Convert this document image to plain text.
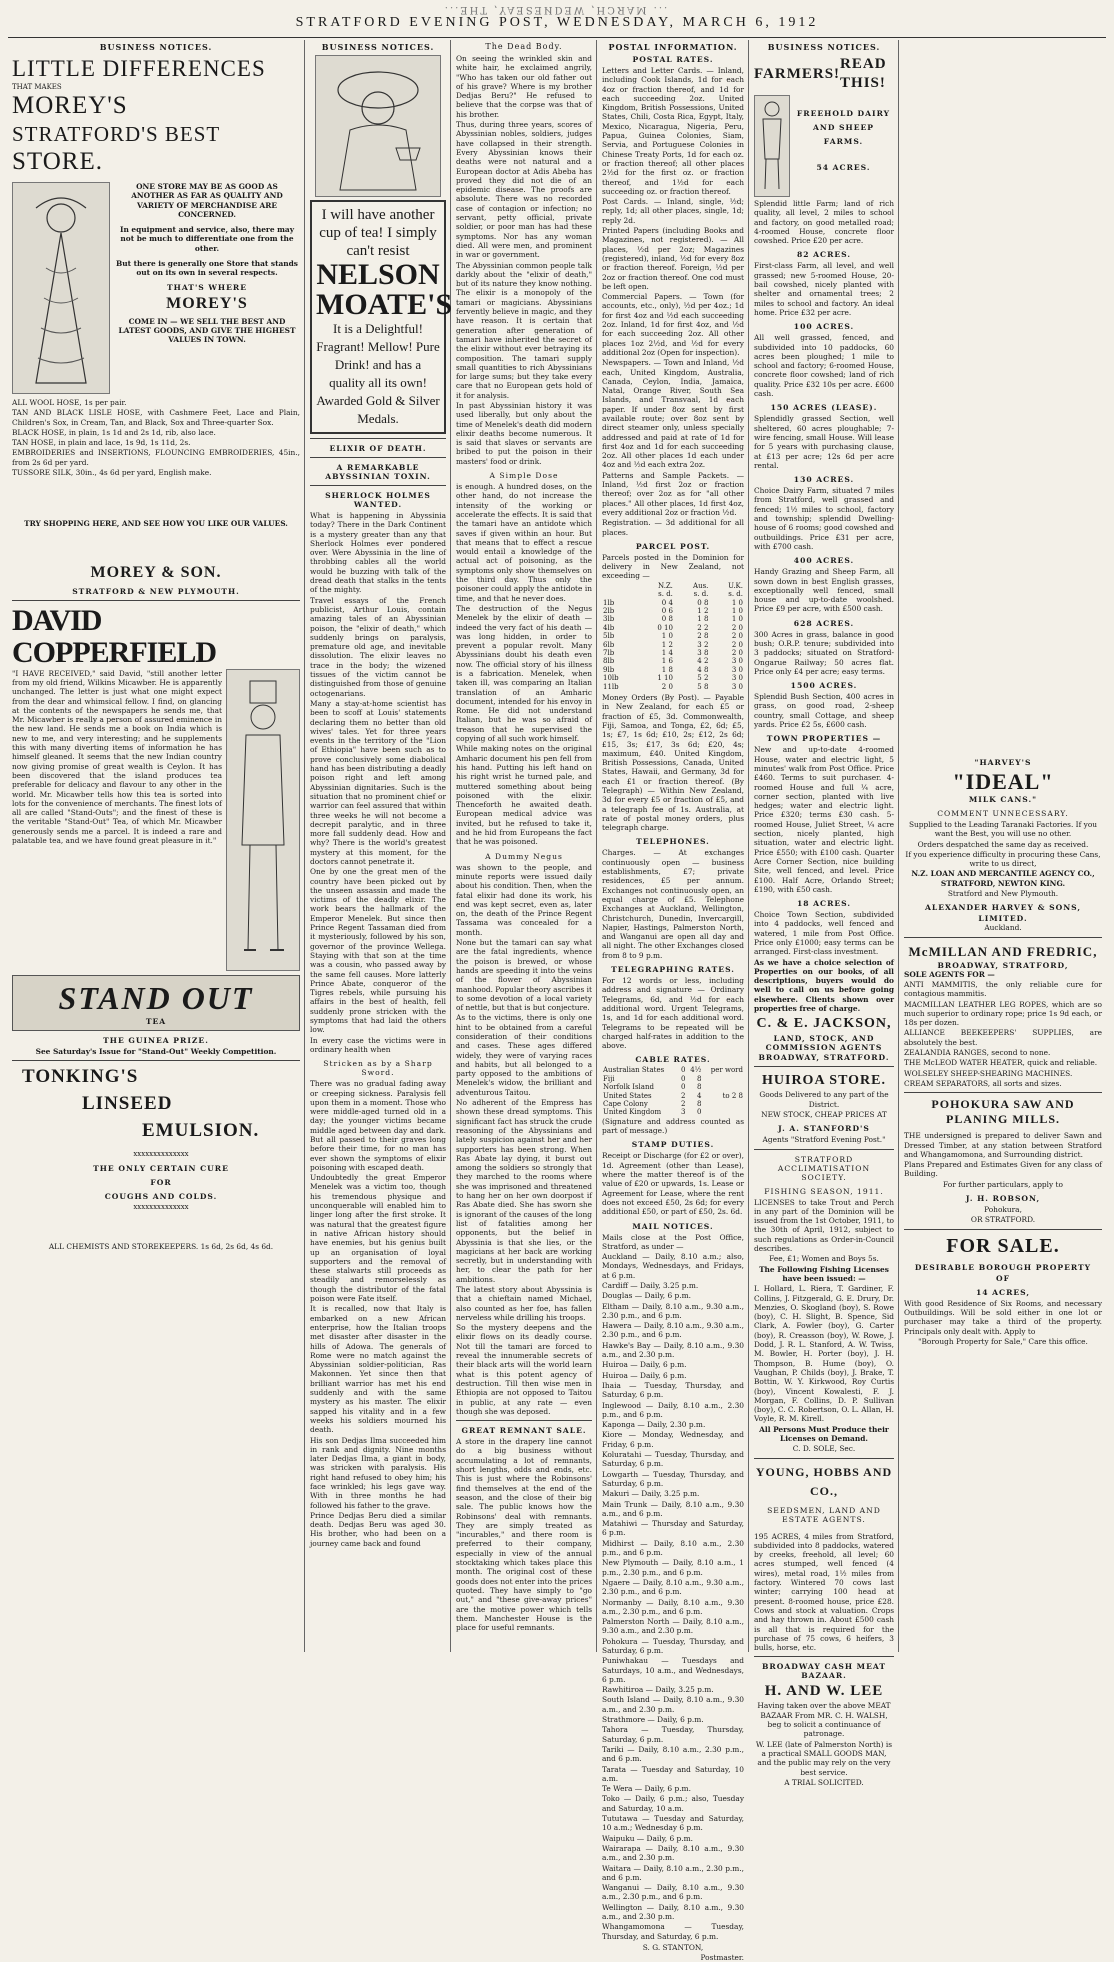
...ƎHT ,YAƎƧƎИDƎW ,HƆЯAM ...
STRATFORD EVENING POST, WEDNESDAY, MARCH 6, 1912
BUSINESS NOTICES.
LITTLE DIFFERENCES
THAT MAKES
MOREY'S
STRATFORD'S BEST
STORE.
ONE STORE MAY BE AS GOOD AS ANOTHER AS FAR AS QUALITY AND VARIETY OF MERCHANDISE ARE CONCERNED.
In equipment and service, also, there may not be much to differentiate one from the other.
But there is generally one Store that stands out on its own in several respects.
THAT'S WHERE
MOREY'S
COME IN — WE SELL THE BEST AND LATEST GOODS, AND GIVE THE HIGHEST VALUES IN TOWN.
ALL WOOL HOSE, 1s per pair.
TAN AND BLACK LISLE HOSE, with Cashmere Feet, Lace and Plain, Children's Sox, in Cream, Tan, and Black, Sox and Three-quarter Sox.
BLACK HOSE, in plain, 1s 1d and 2s 1d, rib, also lace.
TAN HOSE, in plain and lace, 1s 9d, 1s 11d, 2s.
EMBROIDERIES and INSERTIONS, FLOUNCING EMBROIDERIES, 45in., from 2s 6d per yard.
TUSSORE SILK, 30in., 4s 6d per yard, English make.
TRY SHOPPING HERE, AND SEE HOW YOU LIKE OUR VALUES.
MOREY & SON.
STRATFORD & NEW PLYMOUTH.
DAVID COPPERFIELD
"I HAVE RECEIVED," said David, "still another letter from my old friend, Wilkins Micawber. He is apparently unchanged. The letter is just what one might expect from the dear and whimsical fellow. I find, on glancing at the contents of the newspapers he sends me, that Mr. Micawber is really a person of assured eminence in the new land. He sends me a book on India which is new to me, and very interesting; and he supplements this with many diverting items of information he has himself gleaned. It seems that the new Indian country now giving promise of great wealth is Ceylon. It has been discovered that the island produces tea preferable for delicacy and flavour to any other in the world. Mr. Micawber tells how this tea is sorted into lots for the convenience of merchants. The finest lots of all are called "Stand-Outs"; and the finest of these is the veritable "Stand-Out" Tea, of which Mr. Micawber generously sends me a parcel. It is indeed a rare and palatable tea, and we have found great pleasure in it."
STAND OUT
TEA
THE GUINEA PRIZE.
See Saturday's Issue for "Stand-Out" Weekly Competition.
TONKING'S
LINSEED
EMULSION.
xxxxxxxxxxxxxx
THE ONLY CERTAIN CURE
FOR
COUGHS AND COLDS.
xxxxxxxxxxxxxx
ALL CHEMISTS AND STOREKEEPERS. 1s 6d, 2s 6d, 4s 6d.
BUSINESS NOTICES.
I will have another cup of tea! I simply can't resist
NELSON MOATE'S
It is a Delightful! Fragrant! Mellow! Pure Drink! and has a quality all its own! Awarded Gold & Silver Medals.
ELIXIR OF DEATH.
A REMARKABLE ABYSSINIAN TOXIN.
SHERLOCK HOLMES WANTED.
What is happening in Abyssinia today? There in the Dark Continent is a mystery greater than any that Sherlock Holmes ever pondered over. Were Abyssinia in the line of throbbing cables all the world would be buzzing with talk of the dread death that stalks in the tents of the mighty.
Travel essays of the French publicist, Arthur Louis, contain amazing tales of an Abyssinian poison, the "elixir of death," which suddenly brings on paralysis, premature old age, and inevitable dissolution. The elixir leaves no trace in the body; the wizened tissues of the victim cannot be distinguished from those of genuine octogenarians.
Many a stay-at-home scientist has been to scoff at Louis' statements declaring them no better than old wives' tales. Yet for three years events in the territory of the "Lion of Ethiopia" have been such as to prove conclusively some diabolical hand has been distributing a deadly poison right and left among Abyssinian dignitaries. Such is the situation that no prominent chief or warrior can feel assured that within three weeks he will not become a decrepit paralytic, and in three more fall suddenly dead. How and why? There is the world's greatest mystery at this moment, for the doctors cannot penetrate it.
One by one the great men of the country have been picked out by the unseen assassin and made the victims of the deadly elixir. The work bears the hallmark of the Emperor Menelek. But since then Prince Regent Tassaman died from it mysteriously, followed by his son, governor of the province Wellega. Staying with that son at the time was a cousin, who passed away by the same fell causes. More latterly Prince Abate, conqueror of the Tigres rebels, while pursuing his affairs in the best of health, fell suddenly prone stricken with the symptoms that had laid the others low.
In every case the victims were in ordinary health when
Stricken as by a Sharp Sword.
There was no gradual fading away or creeping sickness. Paralysis fell upon them in a moment. Those who were middle-aged turned old in a day; the younger victims became middle aged between day and dark. But all passed to their graves long before their time, for no man has ever shown the symptoms of elixir poisoning with escaped death.
Undoubtedly the great Emperor Menelek was a victim too, though his tremendous physique and unconquerable will enabled him to linger long after the first stroke. It was natural that the greatest figure in native African history should have enemies, but his genius built up an organisation of loyal supporters and the removal of these stalwarts still proceeds as steadily and remorselessly as though the distributor of the fatal poison were Fate itself.
It is recalled, now that Italy is embarked on a new African enterprise, how the Italian troops met disaster after disaster in the hills of Adowa. The generals of Rome were no match against the Abyssinian soldier-politician, Ras Makonnen. Yet since then that brilliant warrior has met his end suddenly and with the same mystery as his master. The elixir sapped his vitality and in a few weeks his soldiers mourned his death.
His son Dedjas Ilma succeeded him in rank and dignity. Nine months later Dedjas Ilma, a giant in body, was stricken with paralysis. His right hand refused to obey him; his face wrinkled; his legs gave way. With in three months he had followed his father to the grave.
Prince Dedjas Beru died a similar death. Dedjas Beru was aged 30. His brother, who had been on a journey came back and found
The Dead Body.
On seeing the wrinkled skin and white hair, he exclaimed angrily, "Who has taken our old father out of his grave? Where is my brother Dedjas Beru?" He refused to believe that the corpse was that of his brother.
Thus, during three years, scores of Abyssinian nobles, soldiers, judges have collapsed in their strength. Every Abyssinian knows their deaths were not natural and a European doctor at Adis Abeba has proved they did not die of an epidemic disease. The proofs are absolute. There was no recorded case of contagion or infection; no servant, petty official, private soldier, or poor man has had these symptoms. Nor has any woman died. All were men, and prominent in war or government.
The Abyssinian common people talk darkly about the "elixir of death," but of its nature they know nothing. The elixir is a monopoly of the tamari or magicians. Abyssinians fervently believe in magic, and they have reason. It is certain that generation after generation of tamari have inherited the secret of the elixir without ever betraying its composition. The tamari supply small quantities to rich Abyssinians for large sums; but they take every care that no European gets hold of it for analysis.
In past Abyssinian history it was used liberally, but only about the time of Menelek's death did modern elixir deaths become numerous. It is said that slaves or servants are bribed to put the poison in their masters' food or drink.
A Simple Dose
is enough. A hundred doses, on the other hand, do not increase the intensity of the working or accelerate the effects. It is said that the tamari have an antidote which saves if given within an hour. But that means that to effect a rescue would entail a knowledge of the actual act of poisoning, as the symptoms only show themselves on the third day. Thus only the poisoner could apply the antidote in time, and that he never does.
The destruction of the Negus Menelek by the elixir of death — indeed the very fact of his death — was long hidden, in order to prevent a popular revolt. Many Abyssinians doubt his death even now. The official story of his illness is a fabrication. Menelek, when taken ill, was comparing an Italian translation of an Amharic document, intended for his envoy in Rome. He did not understand Italian, but he was so afraid of treason that he supervised the copying of all such work himself.
While making notes on the original Amharic document his pen fell from his hand. Putting his left hand on his right wrist he turned pale, and muttered something about being poisoned with the elixir. Thenceforth he awaited death. European medical advice was invited, but he refused to take it, and he hid from Europeans the fact that he was poisoned.
A Dummy Negus
was shown to the people, and minute reports were issued daily about his condition. Then, when the fatal elixir had done its work, his end was kept secret, even as, later on, the death of the Prince Regent Tassama was concealed for a month.
None but the tamari can say what are the fatal ingredients, whence the poison is brewed, or whose hands are speeding it into the veins of the flower of Abyssinian manhood. Popular theory ascribes it to some devotion of a local variety of nettle, but that is but conjecture.
As to the victims, there is only one hint to be obtained from a careful consideration of their conditions and cases. These ages differed widely, they were of varying races and habits, but all belonged to a party opposed to the ambitions of Menelek's widow, the brilliant and adventurous Taitou.
No adherent of the Empress has shown these dread symptoms. This significant fact has struck the crude reasoning of the Abyssinians and lately suspicion against her and her supporters has been strong. When Ras Abate lay dying, it burst out among the soldiers so strongly that they marched to the rooms where she was imprisoned and threatened to hang her on her own doorpost if Ras Abate died. She has sworn she is ignorant of the causes of the long list of fatalities among her opponents, but the belief in Abyssinia is that she lies, or the magicians at her back are working secretly, but in understanding with her, to clear the path for her ambitions.
The latest story about Abyssinia is that a chieftain named Michael, also counted as her foe, has fallen nerveless while drilling his troops.
So the mystery deepens and the elixir flows on its deadly course. Not till the tamari are forced to reveal the innumerable secrets of their black arts will the world learn what is this potent agency of destruction. Till then wise men in Ethiopia are not opposed to Taitou in public, at any rate — even though she was deposed.
GREAT REMNANT SALE.
A store in the drapery line cannot do a big business without accumulating a lot of remnants, short lengths, odds and ends, etc. This is just where the Robinsons' find themselves at the end of the season, and the close of their big sale. The public knows how the Robinsons' deal with remnants. They are simply treated as "incurables," and there room is preferred to their company, especially in view of the annual stocktaking which takes place this month. The original cost of these goods does not enter into the prices quoted. They have simply to "go out," and "these give-away prices" are the motive power which tells them. Manchester House is the place for useful remnants.
POSTAL INFORMATION.
POSTAL RATES.
Letters and Letter Cards. — Inland, including Cook Islands, 1d for each 4oz or fraction thereof, and 1d for each succeeding 2oz. United Kingdom, British Possessions, United States, Chili, Costa Rica, Egypt, Italy, Mexico, Nicaragua, Nigeria, Peru, Papua, Guinea Colonies, Siam, Servia, and Portuguese Colonies in Chinese Treaty Ports, 1d for each oz. or fraction thereof; all other places 2½d for the first oz. or fraction thereof, and 1½d for each succeeding oz. or fraction thereof.
Post Cards. — Inland, single, ½d; reply, 1d; all other places, single, 1d; reply 2d.
Printed Papers (including Books and Magazines, not registered). — All places, ½d per 2oz; Magazines (registered), inland, ½d for every 8oz or fraction thereof. Foreign, ½d per 2oz or fraction thereof. One cod must be left open.
Commercial Papers. — Town (for accounts, etc., only), ½d per 4oz.; 1d for first 4oz and ½d each succeeding 2oz. Inland, 1d for first 4oz, and ½d for each succeeding 2oz. All other places 1oz 2½d, and ½d for every additional 2oz (Open for inspection).
Newspapers. — Town and Inland, ½d each, United Kingdom, Australia, Canada, Ceylon, India, Jamaica, Natal, Orange River, South Sea Islands, and Transvaal, 1d each paper. If under 8oz sent by first available route; over 8oz sent by direct steamer only, unless specially addressed and paid at rate of 1d for first 4oz and 1d for each succeeding 2oz. All other places 1d each under 4oz and ½d each extra 2oz.
Patterns and Sample Packets. — Inland, ½d first 2oz or fraction thereof; over 2oz as for "all other places." All other places, 1d first 4oz, every additional 2oz or fraction ½d.
Registration. — 3d additional for all places.
PARCEL POST.
Parcels posted in the Dominion for delivery in New Zealand, not exceeding —
	N.Z.	Aus.	U.K.
	s. d.	s. d.	s. d.
1lb	0 4	0 8	1 0
2lb	0 6	1 2	1 0
3lb	0 8	1 8	1 0
4lb	0 10	2 2	2 0
5lb	1 0	2 8	2 0
6lb	1 2	3 2	2 0
7lb	1 4	3 8	2 0
8lb	1 6	4 2	3 0
9lb	1 8	4 8	3 0
10lb	1 10	5 2	3 0
11lb	2 0	5 8	3 0
Money Orders (By Post). — Payable in New Zealand, for each £5 or fraction of £5, 3d. Commonwealth, Fiji, Samoa, and Tonga, £2, 6d; £5, 1s; £7, 1s 6d; £10, 2s; £12, 2s 6d; £15, 3s; £17, 3s 6d; £20, 4s; maximum, £40. United Kingdom, British Possessions, Canada, United States, Hawaii, and Germany, 3d for each £1 or fraction thereof. (By Telegraph) — Within New Zealand, 3d for every £5 or fraction of £5, and a telegraph fee of 1s. Australia, at rate of postal money orders, plus telegraph charge.
TELEPHONES.
Charges. — At exchanges continuously open — business establishments, £7; private residences, £5 per annum. Exchanges not continuously open, an equal charge of £5. Telephone Exchanges at Auckland, Wellington, Christchurch, Dunedin, Invercargill, Napier, Hastings, Palmerston North, and Wanganui are open all day and all night. The other Exchanges closed from 8 to 9 p.m.
TELEGRAPHING RATES.
For 12 words or less, including address and signature — Ordinary Telegrams, 6d, and ½d for each additional word. Urgent Telegrams, 1s, and 1d for each additional word. Telegrams to be repeated will be charged half-rates in addition to the above.
CABLE RATES.
Australian States	0	4½	per word
Fiji	0	8	
Norfolk Island	0	8	
United States	2	4	to 2 8
Cape Colony	2	8	
United Kingdom	3	0	
(Signature and address counted as part of message.)
STAMP DUTIES.
Receipt or Discharge (for £2 or over), 1d. Agreement (other than Lease), where the matter thereof is of the value of £20 or upwards, 1s. Lease or Agreement for Lease, where the rent does not exceed £50, 2s 6d; for every additional £50, or part of £50, 2s. 6d.
MAIL NOTICES.
Mails close at the Post Office, Stratford, as under —
Auckland — Daily, 8.10 a.m.; also, Mondays, Wednesdays, and Fridays, at 6 p.m.
Cardiff — Daily, 3.25 p.m.
Douglas — Daily, 6 p.m.
Eltham — Daily, 8.10 a.m., 9.30 a.m., 2.30 p.m., and 6 p.m.
Hawera — Daily, 8.10 a.m., 9.30 a.m., 2.30 p.m., and 6 p.m.
Hawke's Bay — Daily, 8.10 a.m., 9.30 a.m., and 2.30 p.m.
Huiroa — Daily, 6 p.m.
Huiroa — Daily, 6 p.m.
Ihaia — Tuesday, Thursday, and Saturday, 6 p.m.
Inglewood — Daily, 8.10 a.m., 2.30 p.m., and 6 p.m.
Kaponga — Daily, 2.30 p.m.
Kiore — Monday, Wednesday, and Friday, 6 p.m.
Koluratahi — Tuesday, Thursday, and Saturday, 6 p.m.
Lowgarth — Tuesday, Thursday, and Saturday, 6 p.m.
Makuri — Daily, 3.25 p.m.
Main Trunk — Daily, 8.10 a.m., 9.30 a.m., and 6 p.m.
Matahiwi — Thursday and Saturday, 6 p.m.
Midhirst — Daily, 8.10 a.m., 2.30 p.m., and 6 p.m.
New Plymouth — Daily, 8.10 a.m., 1 p.m., 2.30 p.m., and 6 p.m.
Ngaere — Daily, 8.10 a.m., 9.30 a.m., 2.30 p.m., and 6 p.m.
Normanby — Daily, 8.10 a.m., 9.30 a.m., 2.30 p.m., and 6 p.m.
Palmerston North — Daily, 8.10 a.m., 9.30 a.m., and 2.30 p.m.
Pohokura — Tuesday, Thursday, and Saturday, 6 p.m.
Puniwhakau — Tuesdays and Saturdays, 10 a.m., and Wednesdays, 6 p.m.
Rawhitiroa — Daily, 3.25 p.m.
South Island — Daily, 8.10 a.m., 9.30 a.m., and 2.30 p.m.
Strathmore — Daily, 6 p.m.
Tahora — Tuesday, Thursday, Saturday, 6 p.m.
Tariki — Daily, 8.10 a.m., 2.30 p.m., and 6 p.m.
Tarata — Tuesday and Saturday, 10 a.m.
Te Wera — Daily, 6 p.m.
Toko — Daily, 6 p.m.; also, Tuesday and Saturday, 10 a.m.
Tututawa — Tuesday and Saturday, 10 a.m.; Wednesday 6 p.m.
Waipuku — Daily, 6 p.m.
Wairarapa — Daily, 8.10 a.m., 9.30 a.m., and 2.30 p.m.
Waitara — Daily, 8.10 a.m., 2.30 p.m., and 6 p.m.
Wanganui — Daily, 8.10 a.m., 9.30 a.m., 2.30 p.m., and 6 p.m.
Wellington — Daily, 8.10 a.m., 9.30 a.m., and 2.30 p.m.
Whangamomona — Tuesday, Thursday, and Saturday, 6 p.m.
S. G. STANTON,
Postmaster.
BUSINESS NOTICES.
FARMERS!
READ THIS!
FREEHOLD DAIRY AND SHEEP FARMS.
54 ACRES.
Splendid little Farm; land of rich quality, all level, 2 miles to school and factory, on good metalled road; 4-roomed House, concrete floor cowshed. Price £20 per acre.
82 ACRES.
First-class Farm, all level, and well grassed; new 5-roomed House, 20-bail cowshed, nicely planted with shelter and ornamental trees; 2 miles to school and factory. An ideal home. Price £32 per acre.
100 ACRES.
All well grassed, fenced, and subdivided into 10 paddocks, 60 acres been ploughed; 1 mile to school and factory; 6-roomed House, concrete floor cowshed; land of rich quality. Price £32 10s per acre. £600 cash.
150 ACRES (LEASE).
Splendidly grassed Section, well sheltered, 60 acres ploughable; 7-wire fencing, small House. Will lease for 5 years with purchasing clause, at £13 per acre; 12s 6d per acre rental.
130 ACRES.
Choice Dairy Farm, situated 7 miles from Stratford, well grassed and fenced; 1½ miles to school, factory and township; splendid Dwelling-house of 6 rooms; good cowshed and outbuildings. Price £31 per acre, with £700 cash.
400 ACRES.
Handy Grazing and Sheep Farm, all sown down in best English grasses, exceptionally well fenced, small house and up-to-date woolshed. Price £9 per acre, with £500 cash.
628 ACRES.
300 Acres in grass, balance in good bush; O.R.P. tenure; subdivided into 3 paddocks; situated on Stratford-Ongarue Railway; 50 acres flat. Price only £4 per acre; easy terms.
1500 ACRES.
Splendid Bush Section, 400 acres in grass, on good road, 2-sheep country, small Cottage, and sheep yards. Price £2 5s, £600 cash.
TOWN PROPERTIES —
New and up-to-date 4-roomed House, water and electric light, 5 minutes' walk from Post Office. Price £460. Terms to suit purchaser. 4-roomed House and full ¼ acre, corner section, planted with live hedges; water and electric light. Price £320; terms £30 cash. 5-roomed House, Juliet Street, ¼ acre section, nicely planted, high situation, water and electric light. Price £550; with £100 cash. Quarter Acre Corner Section, nice building Site, well fenced, and level. Price £100. Half Acre, Orlando Street; £190, with £50 cash.
18 ACRES.
Choice Town Section, subdivided into 4 paddocks, well fenced and watered, 1 mile from Post Office. Price only £1000; easy terms can be arranged. First-class investment.
As we have a choice selection of Properties on our books, of all descriptions, buyers would do well to call on us before going elsewhere. Clients shown over properties free of charge.
C. & E. JACKSON,
LAND, STOCK, AND COMMISSION AGENTS
BROADWAY, STRATFORD.
HUIROA STORE.
Goods Delivered to any part of the District.
NEW STOCK, CHEAP PRICES AT
J. A. STANFORD'S
Agents "Stratford Evening Post."
STRATFORD ACCLIMATISATION SOCIETY.
FISHING SEASON, 1911.
LICENSES to take Trout and Perch in any part of the Dominion will be issued from the 1st October, 1911, to the 30th of April, 1912, subject to such regulations as Order-in-Council describes.
Fee, £1; Women and Boys 5s.
The Following Fishing Licenses have been issued: —
I. Hollard, L. Riera, T. Gardiner, F. Collins, J. Fitzgerald, G. E. Drury, Dr. Menzies, O. Skogland (boy), S. Rowe (boy), C. H. Slight, B. Spence, Sid Clark, A. Fowler (boy), G. Carter (boy), R. Creasson (boy), W. Rowe, J. Dodd, J. R. L. Stanford, A. W. Twiss, M. Bowler, H. Porter (boy), J. H. Thompson, B. Hume (boy), O. Vaughan, P. Childs (boy), J. Brake, T. Bottin, W. Y. Kirkwood, Roy Curtis (boy), Vincent Kowalesti, F. J. Morgan, F. Collins, D. P. Sullivan (boy), C. C. Robertson, O. L. Allan, H. Voyle, R. M. Kirell.
All Persons Must Produce their Licenses on Demand.
C. D. SOLE, Sec.
YOUNG, HOBBS AND CO.,
SEEDSMEN, LAND AND ESTATE AGENTS.
195 ACRES, 4 miles from Stratford, subdivided into 8 paddocks, watered by creeks, freehold, all level; 60 acres stumped, well fenced (4 wires), metal road, 1½ miles from factory. Wintered 70 cows last winter; carrying 100 head at present. 8-roomed house, price £28. Cows and stock at valuation. Crops and hay thrown in. About £500 cash is all that is required for the purchase of 75 cows, 6 heifers, 3 bulls, horse, etc.
BROADWAY CASH MEAT BAZAAR.
H. AND W. LEE
Having taken over the above MEAT BAZAAR From MR. C. H. WALSH, beg to solicit a continuance of patronage.
W. LEE (late of Palmerston North) is a practical SMALL GOODS MAN, and the public may rely on the very best service.
A TRIAL SOLICITED.
"HARVEY'S
"IDEAL"
MILK CANS."
COMMENT UNNECESSARY.
Supplied to the Leading Taranaki Factories. If you want the Best, you will use no other.
Orders despatched the same day as received.
If you experience difficulty in procuring these Cans, write to us direct,
N.Z. LOAN AND MERCANTILE AGENCY CO., STRATFORD, NEWTON KING.
Stratford and New Plymouth.
ALEXANDER HARVEY & SONS,
LIMITED.
Auckland.
McMILLAN AND FREDRIC,
BROADWAY, STRATFORD,
SOLE AGENTS FOR —
ANTI MAMMITIS, the only reliable cure for contagious mammitis.
MACMILLAN LEATHER LEG ROPES, which are so much superior to ordinary rope; price 1s 9d each, or 18s per dozen.
ALLIANCE BEEKEEPERS' SUPPLIES, are absolutely the best.
ZEALANDIA RANGES, second to none.
THE McLEOD WATER HEATER, quick and reliable.
WOLSELEY SHEEP-SHEARING MACHINES.
CREAM SEPARATORS, all sorts and sizes.
POHOKURA SAW AND PLANING MILLS.
THE undersigned is prepared to deliver Sawn and Dressed Timber, at any station between Stratford and Whangamomona, and Surrounding district.
Plans Prepared and Estimates Given for any class of Building.
For further particulars, apply to
J. H. ROBSON,
Pohokura,
OR STRATFORD.
FOR SALE.
DESIRABLE BOROUGH PROPERTY
OF
14 ACRES,
With good Residence of Six Rooms, and necessary Outbuildings. Will be sold either in one lot or purchaser may take a third of the property. Principals only dealt with. Apply to
"Borough Property for Sale," Care this office.
